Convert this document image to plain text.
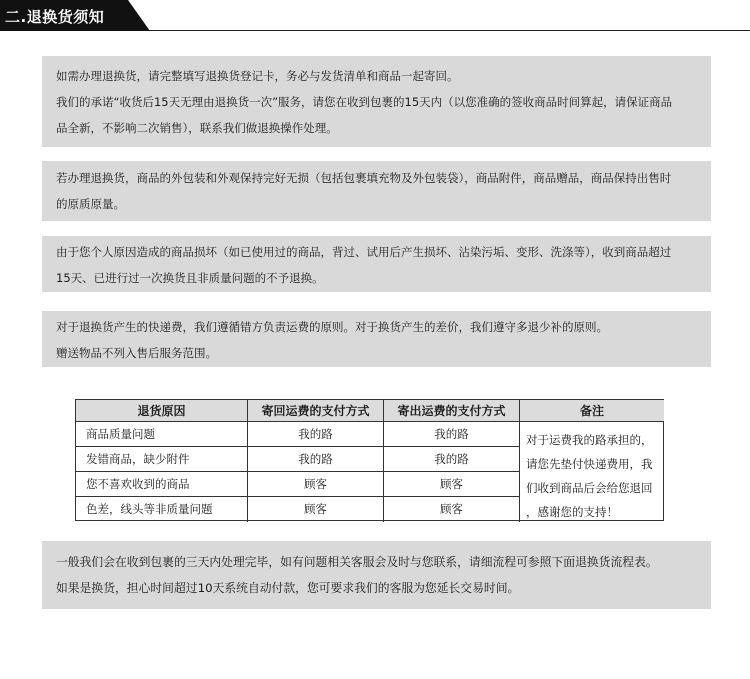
二.退换货须知

如需办理退换货，请完整填写退换货登记卡，务必与发货清单和商品一起寄回。

我们的承诺“收货后15天无理由退换货一次”服务，请您在收到包裹的15天内（以您准确的签收商品时间算起，请保证商品

品全新，不影响二次销售），联系我们做退换操作处理。

若办理退换货，商品的外包装和外观保持完好无损（包括包裹填充物及外包装袋），商品附件，商品赠品，商品保持出售时

的原质原量。

由于您个人原因造成的商品损坏（如已使用过的商品，背过、试用后产生损坏、沾染污垢、变形、洗涤等），收到商品超过

15天、已进行过一次换货且非质量问题的不予退换。

对于退换货产生的快递费，我们遵循错方负责运费的原则。对于换货产生的差价，我们遵守多退少补的原则。

赠送物品不列入售后服务范围。

退货原因	寄回运费的支付方式	寄出运费的支付方式	备注
商品质量问题	我的路	我的路
发错商品，缺少附件	我的路	我的路
您不喜欢收到的商品	顾客	顾客
色差，线头等非质量问题	顾客	顾客
对于运费我的路承担的，
请您先垫付快递费用，我
们收到商品后会给您退回
，感谢您的支持！

一般我们会在收到包裹的三天内处理完毕，如有问题相关客服会及时与您联系，请细流程可参照下面退换货流程表。

如果是换货，担心时间超过10天系统自动付款，您可要求我们的客服为您延长交易时间。
